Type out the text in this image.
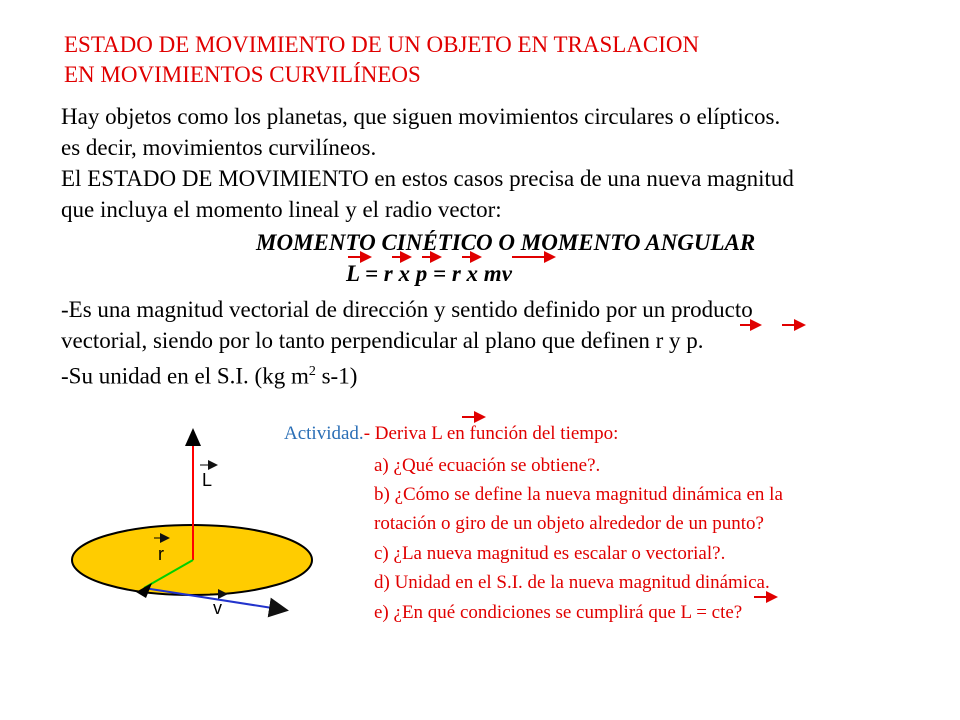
ESTADO DE MOVIMIENTO DE UN OBJETO EN TRASLACION
EN MOVIMIENTOS CURVILÍNEOS
Hay objetos como los planetas, que siguen movimientos circulares o elípticos.
es decir, movimientos curvilíneos.
El ESTADO DE MOVIMIENTO en estos casos precisa de una nueva magnitud
que incluya el momento lineal y el radio vector:
MOMENTO CINÉTICO O MOMENTO ANGULAR
L = r x p = r x mv
-Es una magnitud vectorial de dirección y sentido definido por un producto
vectorial, siendo por lo tanto perpendicular al plano que definen r y p.
-Su unidad en el S.I. (kg $m^2$ s-1)
Actividad.- Deriva L en función del tiempo:
a) ¿Qué ecuación se obtiene?.
b) ¿Cómo se define la nueva magnitud dinámica en la
rotación o giro de un objeto alrededor de un punto?
c) ¿La nueva magnitud es escalar o vectorial?.
d) Unidad en el S.I. de la nueva magnitud dinámica.
e) ¿En qué condiciones se cumplirá que L = cte?
L
r
v
